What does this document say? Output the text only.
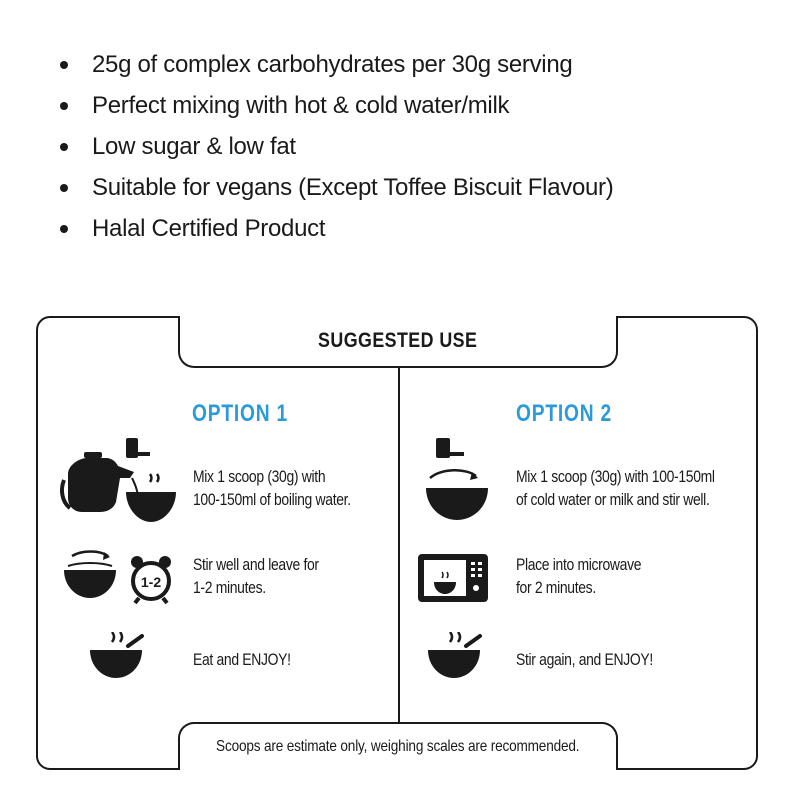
25g of complex carbohydrates per 30g serving
Perfect mixing with hot & cold water/milk
Low sugar & low fat
Suitable for vegans (Except Toffee Biscuit Flavour)
Halal Certified Product
SUGGESTED USE
OPTION 1
Mix 1 scoop (30g) with
100-150ml of boiling water.
1-2
Stir well and leave for
1-2 minutes.
Eat and ENJOY!
OPTION 2
Mix 1 scoop (30g) with 100-150ml
of cold water or milk and stir well.
Place into microwave
for 2 minutes.
Stir again, and ENJOY!
Scoops are estimate only, weighing scales are recommended.
